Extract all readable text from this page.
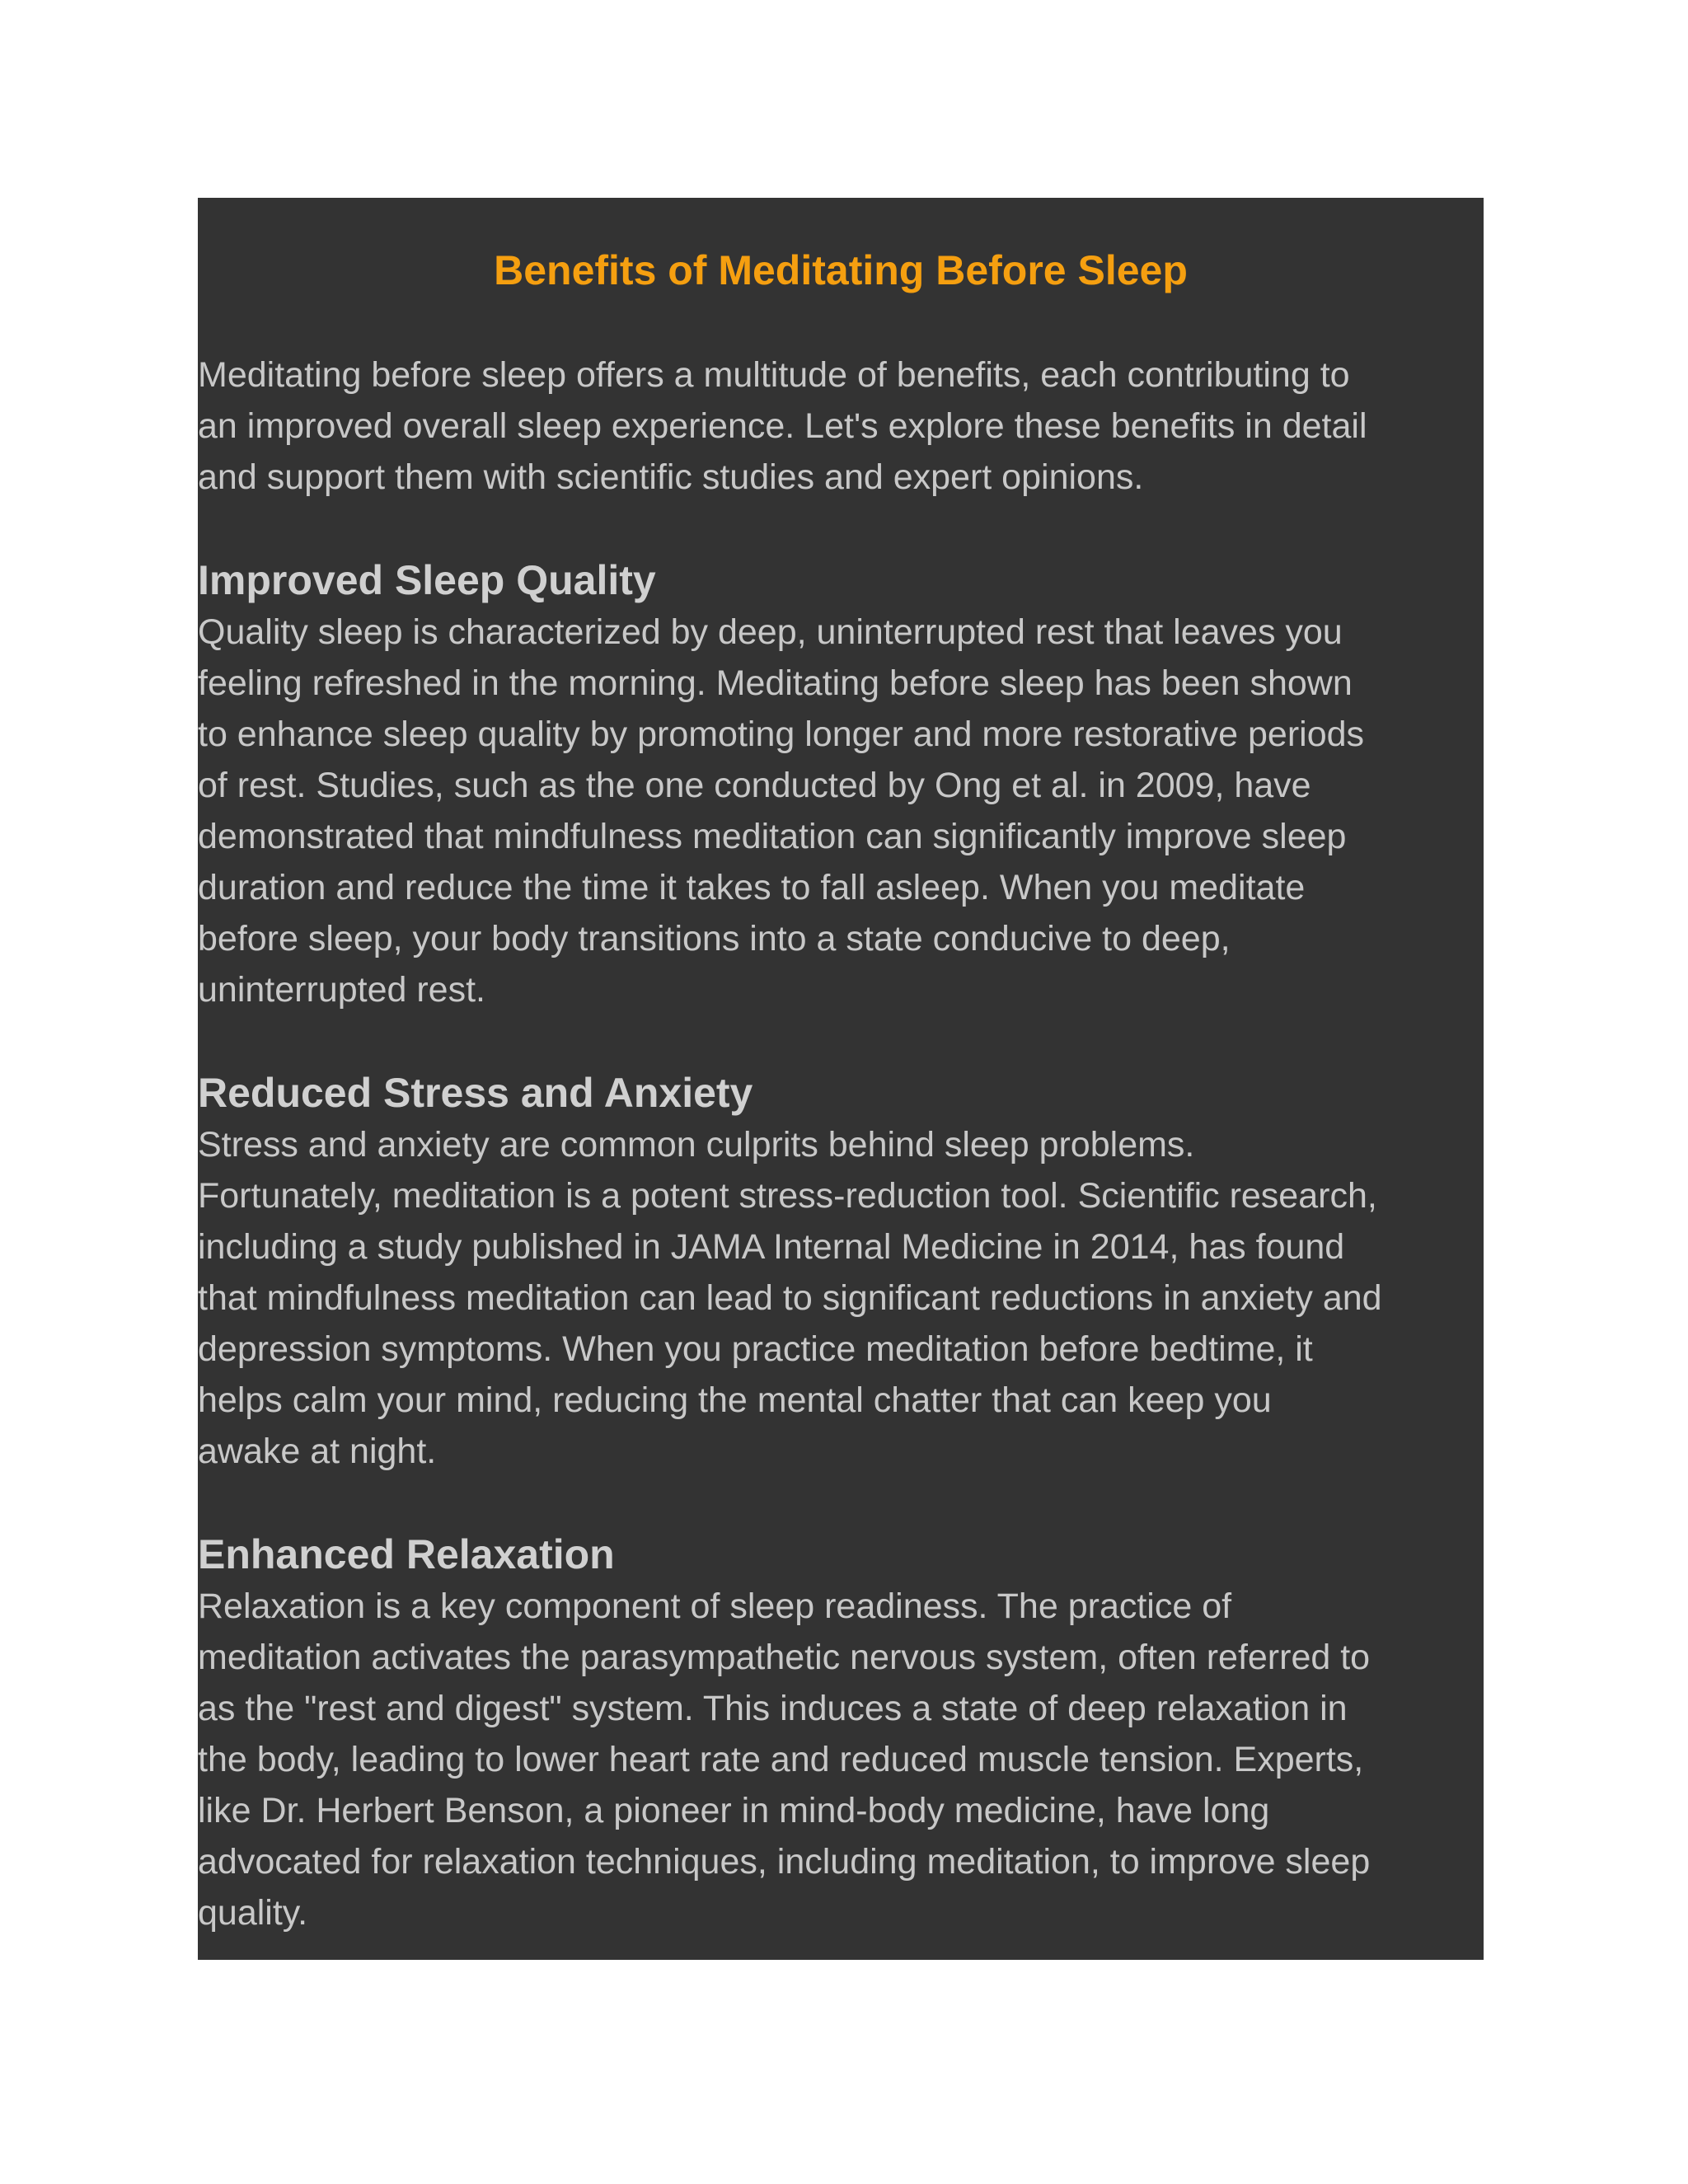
Benefits of Meditating Before Sleep

Meditating before sleep offers a multitude of benefits, each contributing to
an improved overall sleep experience. Let's explore these benefits in detail
and support them with scientific studies and expert opinions.

Improved Sleep Quality

Quality sleep is characterized by deep, uninterrupted rest that leaves you
feeling refreshed in the morning. Meditating before sleep has been shown
to enhance sleep quality by promoting longer and more restorative periods
of rest. Studies, such as the one conducted by Ong et al. in 2009, have
demonstrated that mindfulness meditation can significantly improve sleep
duration and reduce the time it takes to fall asleep. When you meditate
before sleep, your body transitions into a state conducive to deep,
uninterrupted rest.

Reduced Stress and Anxiety

Stress and anxiety are common culprits behind sleep problems.
Fortunately, meditation is a potent stress-reduction tool. Scientific research,
including a study published in JAMA Internal Medicine in 2014, has found
that mindfulness meditation can lead to significant reductions in anxiety and
depression symptoms. When you practice meditation before bedtime, it
helps calm your mind, reducing the mental chatter that can keep you
awake at night.

Enhanced Relaxation

Relaxation is a key component of sleep readiness. The practice of
meditation activates the parasympathetic nervous system, often referred to
as the "rest and digest" system. This induces a state of deep relaxation in
the body, leading to lower heart rate and reduced muscle tension. Experts,
like Dr. Herbert Benson, a pioneer in mind-body medicine, have long
advocated for relaxation techniques, including meditation, to improve sleep
quality.
